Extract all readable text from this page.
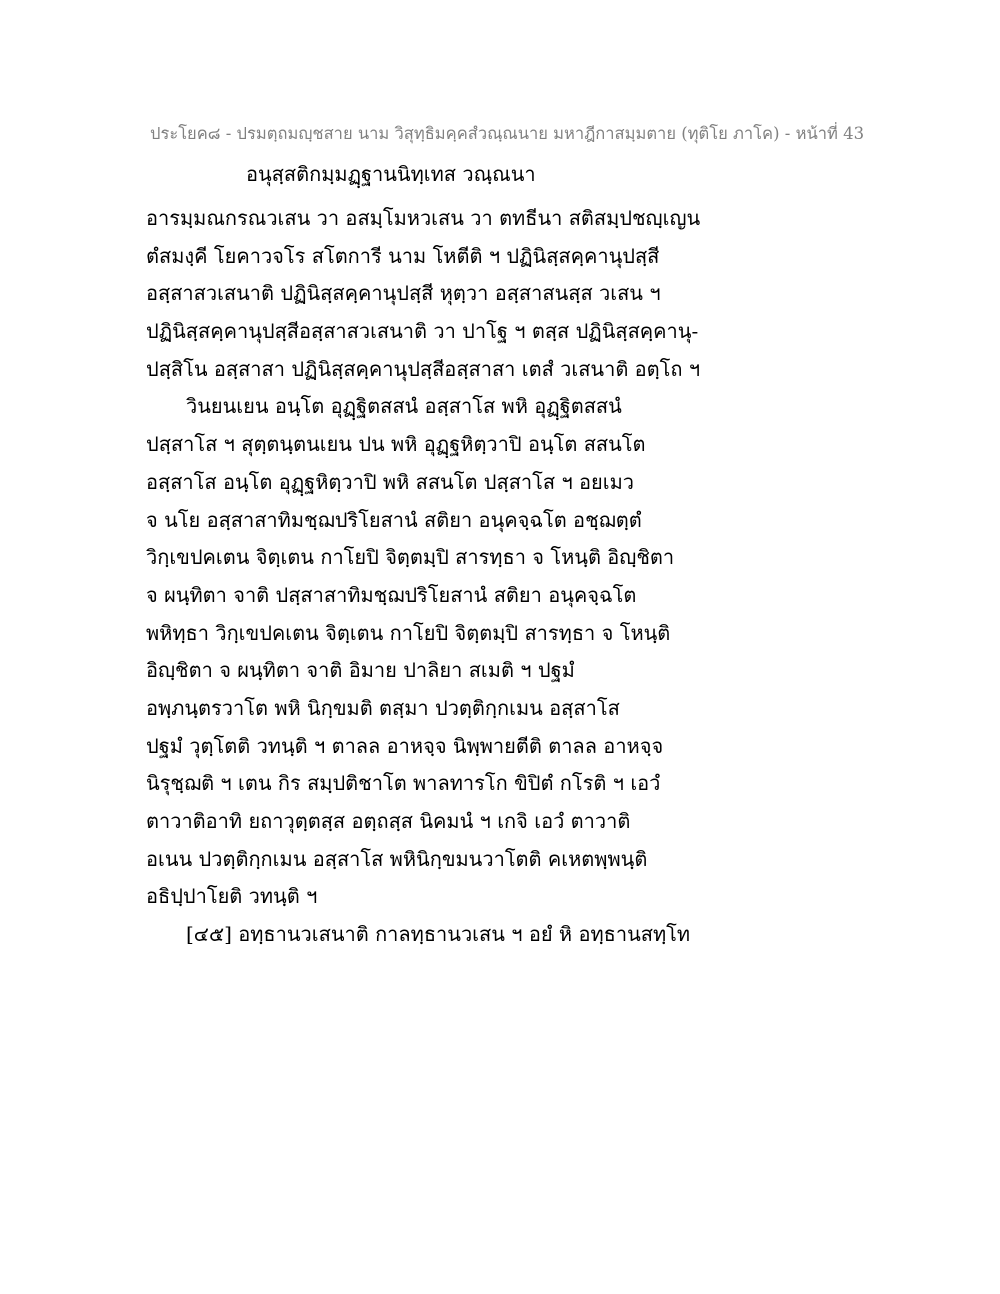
ประโยค๘ - ปรมตฺถมญฺชสาย นาม วิสุทฺธิมคฺคสํวณฺณนาย มหาฎีกาสมฺมตาย (ทุติโย ภาโค) - หน้าที่ 43
อนุสฺสติกมฺมฏฺฐานนิทฺเทส วณฺณนา
อารมฺมณกรณวเสน วา อสมฺโมหวเสน วา ตทธีนา สติสมฺปชญฺเญน
ตํสมงฺคี โยคาวจโร สโตการี นาม โหตีติ ฯ ปฏินิสฺสคฺคานุปสฺสี
อสฺสาสวเสนาติ ปฏินิสฺสคฺคานุปสฺสี หุตฺวา อสฺสาสนสฺส วเสน ฯ
ปฏินิสฺสคฺคานุปสฺสีอสฺสาสวเสนาติ วา ปาโฐ ฯ ตสฺส ปฏินิสฺสคฺคานุ-
ปสฺสิโน อสฺสาสา ปฏินิสฺสคฺคานุปสฺสีอสฺสาสา เตสํ วเสนาติ อตฺโถ ฯ
วินยนเยน อนฺโต อุฏฺฐิตสสนํ อสฺสาโส พหิ อุฏฺฐิตสสนํ
ปสฺสาโส ฯ สุตฺตนฺตนเยน ปน พหิ อุฏฺฐหิตฺวาปิ อนฺโต สสนโต
อสฺสาโส อนฺโต อุฏฺฐหิตฺวาปิ พหิ สสนโต ปสฺสาโส ฯ อยเมว
จ นโย อสฺสาสาทิมชฺฌปริโยสานํ สติยา อนุคจฺฉโต อชฺฌตฺตํ
วิกฺเขปคเตน จิตฺเตน กาโยปิ จิตฺตมฺปิ สารทฺธา จ โหนฺติ อิญฺชิตา
จ ผนฺทิตา จาติ ปสฺสาสาทิมชฺฌปริโยสานํ สติยา อนุคจฺฉโต
พหิทฺธา วิกฺเขปคเตน จิตฺเตน กาโยปิ จิตฺตมฺปิ สารทฺธา จ โหนฺติ
อิญฺชิตา จ ผนฺทิตา จาติ อิมาย ปาลิยา สเมติ ฯ ปฐมํ
อพฺภนฺตรวาโต พหิ นิกฺขมติ ตสฺมา ปวตฺติกฺกเมน อสฺสาโส
ปฐมํ วุตฺโตติ วทนฺติ ฯ ตาลล อาหจฺจ นิพฺพายตีติ ตาลล อาหจฺจ
นิรุชฺฌติ ฯ เตน กิร สมฺปติชาโต พาลทารโก ขิปิตํ กโรติ ฯ เอวํ
ตาวาติอาทิ ยถาวุตฺตสฺส อตฺถสฺส นิคมนํ ฯ เกจิ เอวํ ตาวาติ
อเนน ปวตฺติกฺกเมน อสฺสาโส พหินิกฺขมนวาโตติ คเหตพฺพนฺติ
อธิปฺปาโยติ วทนฺติ ฯ
[๔๕] อทฺธานวเสนาติ กาลทฺธานวเสน ฯ อยํ หิ อทฺธานสทฺโท
